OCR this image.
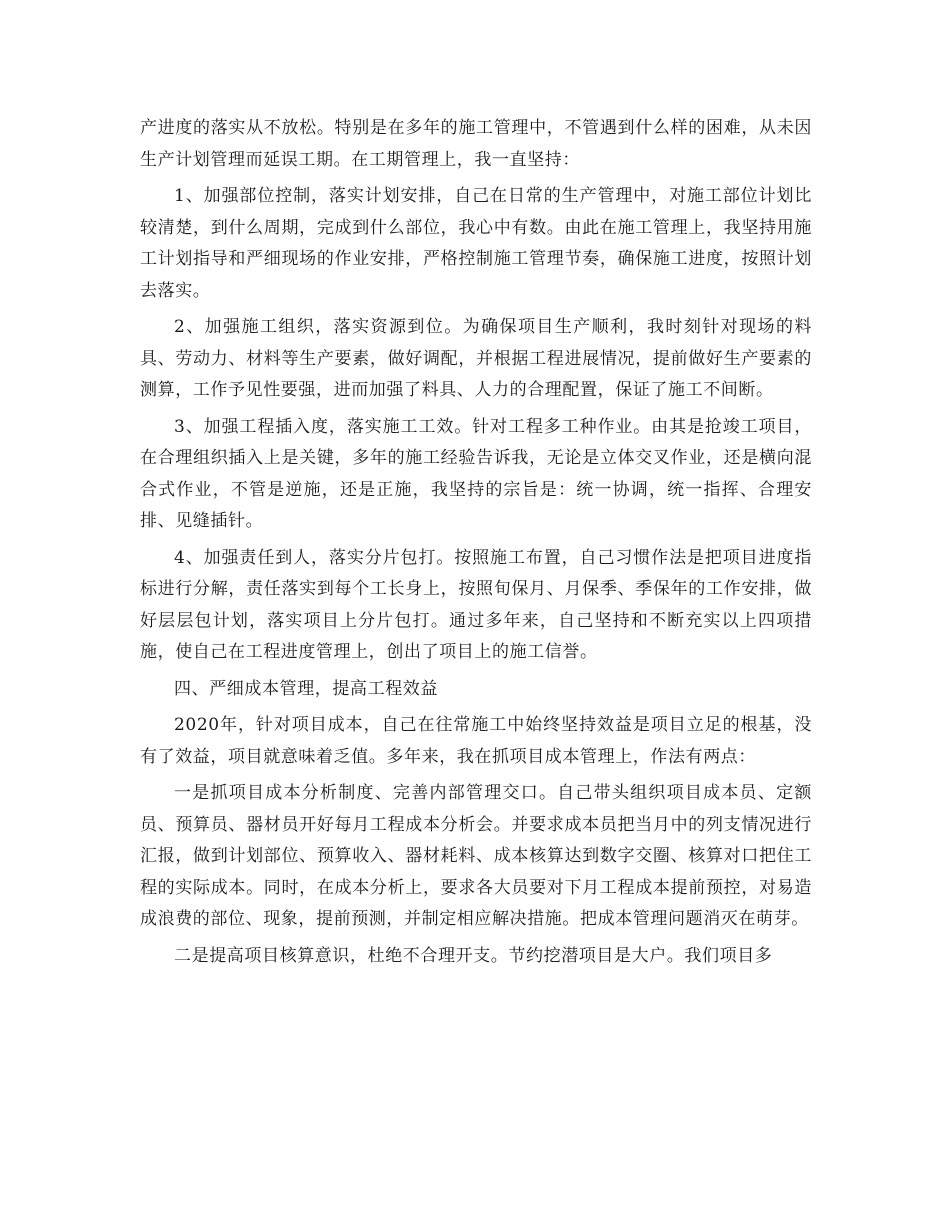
产进度的落实从不放松。特别是在多年的施工管理中，不管遇到什么样的困难，从未因生产计划管理而延误工期。在工期管理上，我一直坚持：

1、加强部位控制，落实计划安排，自己在日常的生产管理中，对施工部位计划比较清楚，到什么周期，完成到什么部位，我心中有数。由此在施工管理上，我坚持用施工计划指导和严细现场的作业安排，严格控制施工管理节奏，确保施工进度，按照计划去落实。

2、加强施工组织，落实资源到位。为确保项目生产顺利，我时刻针对现场的料具、劳动力、材料等生产要素，做好调配，并根据工程进展情况，提前做好生产要素的测算，工作予见性要强，进而加强了料具、人力的合理配置，保证了施工不间断。

3、加强工程插入度，落实施工工效。针对工程多工种作业。由其是抢竣工项目，在合理组织插入上是关键，多年的施工经验告诉我，无论是立体交叉作业，还是横向混合式作业，不管是逆施，还是正施，我坚持的宗旨是：统一协调，统一指挥、合理安排、见缝插针。

4、加强责任到人，落实分片包打。按照施工布置，自己习惯作法是把项目进度指标进行分解，责任落实到每个工长身上，按照旬保月、月保季、季保年的工作安排，做好层层包计划，落实项目上分片包打。通过多年来，自己坚持和不断充实以上四项措施，使自己在工程进度管理上，创出了项目上的施工信誉。

四、严细成本管理，提高工程效益

2020年，针对项目成本，自己在往常施工中始终坚持效益是项目立足的根基，没有了效益，项目就意味着乏值。多年来，我在抓项目成本管理上，作法有两点：

一是抓项目成本分析制度、完善内部管理交口。自己带头组织项目成本员、定额员、预算员、器材员开好每月工程成本分析会。并要求成本员把当月中的列支情况进行汇报，做到计划部位、预算收入、器材耗料、成本核算达到数字交圈、核算对口把住工程的实际成本。同时，在成本分析上，要求各大员要对下月工程成本提前预控，对易造成浪费的部位、现象，提前预测，并制定相应解决措施。把成本管理问题消灭在萌芽。

二是提高项目核算意识，杜绝不合理开支。节约挖潜项目是大户。我们项目多
